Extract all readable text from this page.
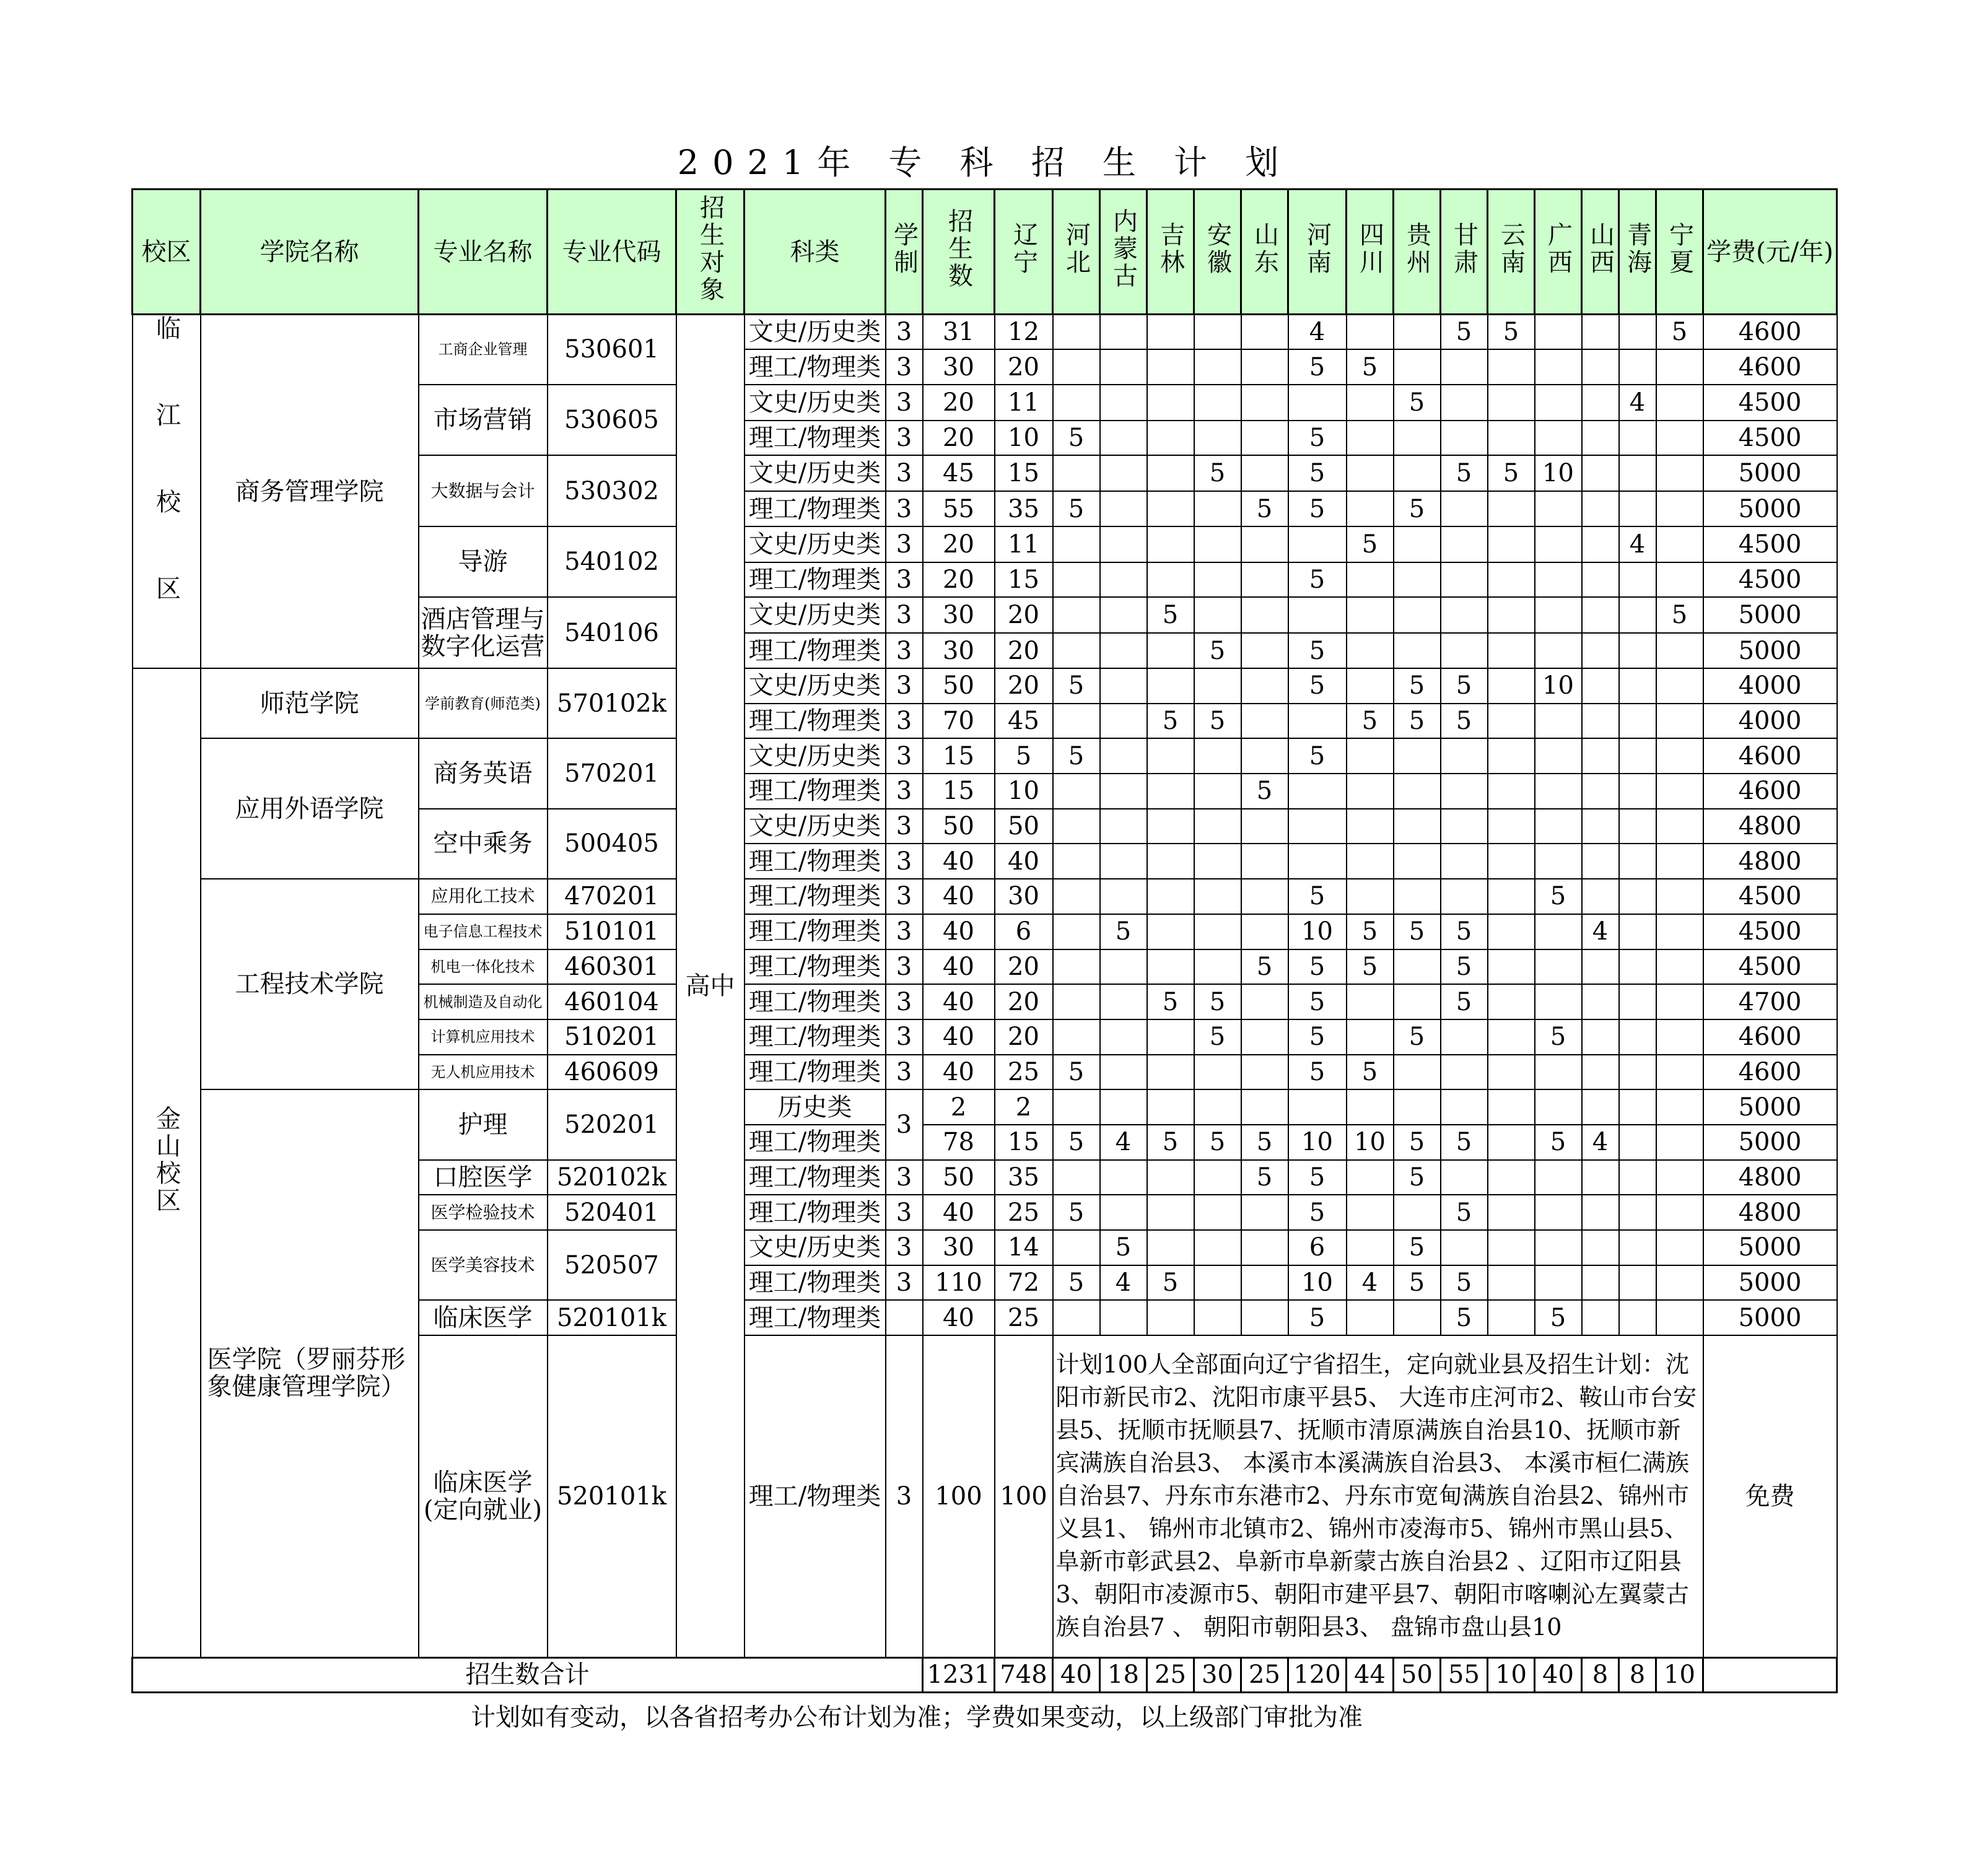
2021年 专 科 招 生 计 划
校区	学院名称	专业名称	专业代码	招生对象	科类	学制	招生数	辽宁	河北	内蒙古	吉林	安徽	山东	河南	四川	贵州	甘肃	云南	广西	山西	青海	宁夏	学费(元/年)
临江校区	商务管理学院	工商企业管理	530601	高中	文史/历史类	3	31	12						4			5	5				5	4600
					理工/物理类	3	30	20						5	5								4600
		市场营销	530605		文史/历史类	3	20	11								5					4		4500
					理工/物理类	3	20	10	5					5									4500
		大数据与会计	530302		文史/历史类	3	45	15				5		5			5	5	10				5000
					理工/物理类	3	55	35	5				5	5		5							5000
		导游	540102		文史/历史类	3	20	11							5						4		4500
					理工/物理类	3	20	15						5									4500
		酒店管理与数字化运营	540106		文史/历史类	3	30	20			5											5	5000
					理工/物理类	3	30	20				5		5									5000
金山校区	师范学院	学前教育(师范类)	570102k		文史/历史类	3	50	20	5					5		5	5		10				4000
					理工/物理类	3	70	45			5	5			5	5	5						4000
	应用外语学院	商务英语	570201		文史/历史类	3	15	5	5					5									4600
					理工/物理类	3	15	10					5										4600
		空中乘务	500405		文史/历史类	3	50	50															4800
					理工/物理类	3	40	40															4800
	工程技术学院	应用化工技术	470201		理工/物理类	3	40	30						5					5				4500
		电子信息工程技术	510101		理工/物理类	3	40	6		5				10	5	5	5			4			4500
		机电一体化技术	460301		理工/物理类	3	40	20					5	5	5		5						4500
		机械制造及自动化	460104		理工/物理类	3	40	20			5	5		5			5						4700
		计算机应用技术	510201		理工/物理类	3	40	20				5		5		5			5				4600
		无人机应用技术	460609		理工/物理类	3	40	25	5					5	5								4600
	医学院（罗丽芬形象健康管理学院）	护理	520201		历史类	3	2	2															5000
					理工/物理类		78	15	5	4	5	5	5	10	10	5	5		5	4			5000
		口腔医学	520102k		理工/物理类	3	50	35					5	5		5							4800
		医学检验技术	520401		理工/物理类	3	40	25	5					5			5						4800
		医学美容技术	520507		文史/历史类	3	30	14		5				6		5							5000
					理工/物理类	3	110	72	5	4	5			10	4	5	5						5000
		临床医学	520101k		理工/物理类		40	25						5			5		5				5000
		临床医学(定向就业)	520101k		理工/物理类	3	100	100	计划100人全部面向辽宁省招生，定向就业县及招生计划：沈阳市新民市2、沈阳市康平县5、 大连市庄河市2、鞍山市台安县5、抚顺市抚顺县7、抚顺市清原满族自治县10、抚顺市新宾满族自治县3、 本溪市本溪满族自治县3、 本溪市桓仁满族自治县7、丹东市东港市2、丹东市宽甸满族自治县2、锦州市义县1、 锦州市北镇市2、锦州市凌海市5、锦州市黑山县5、 阜新市彰武县2、阜新市阜新蒙古族自治县2 、辽阳市辽阳县3、朝阳市凌源市5、朝阳市建平县7、朝阳市喀喇沁左翼蒙古族自治县7 、 朝阳市朝阳县3、 盘锦市盘山县10														免费
招生数合计							1231	748	40	18	25	30	25	120	44	50	55	10	40	8	8	10	
计划如有变动，以各省招考办公布计划为准；学费如果变动，以上级部门审批为准
